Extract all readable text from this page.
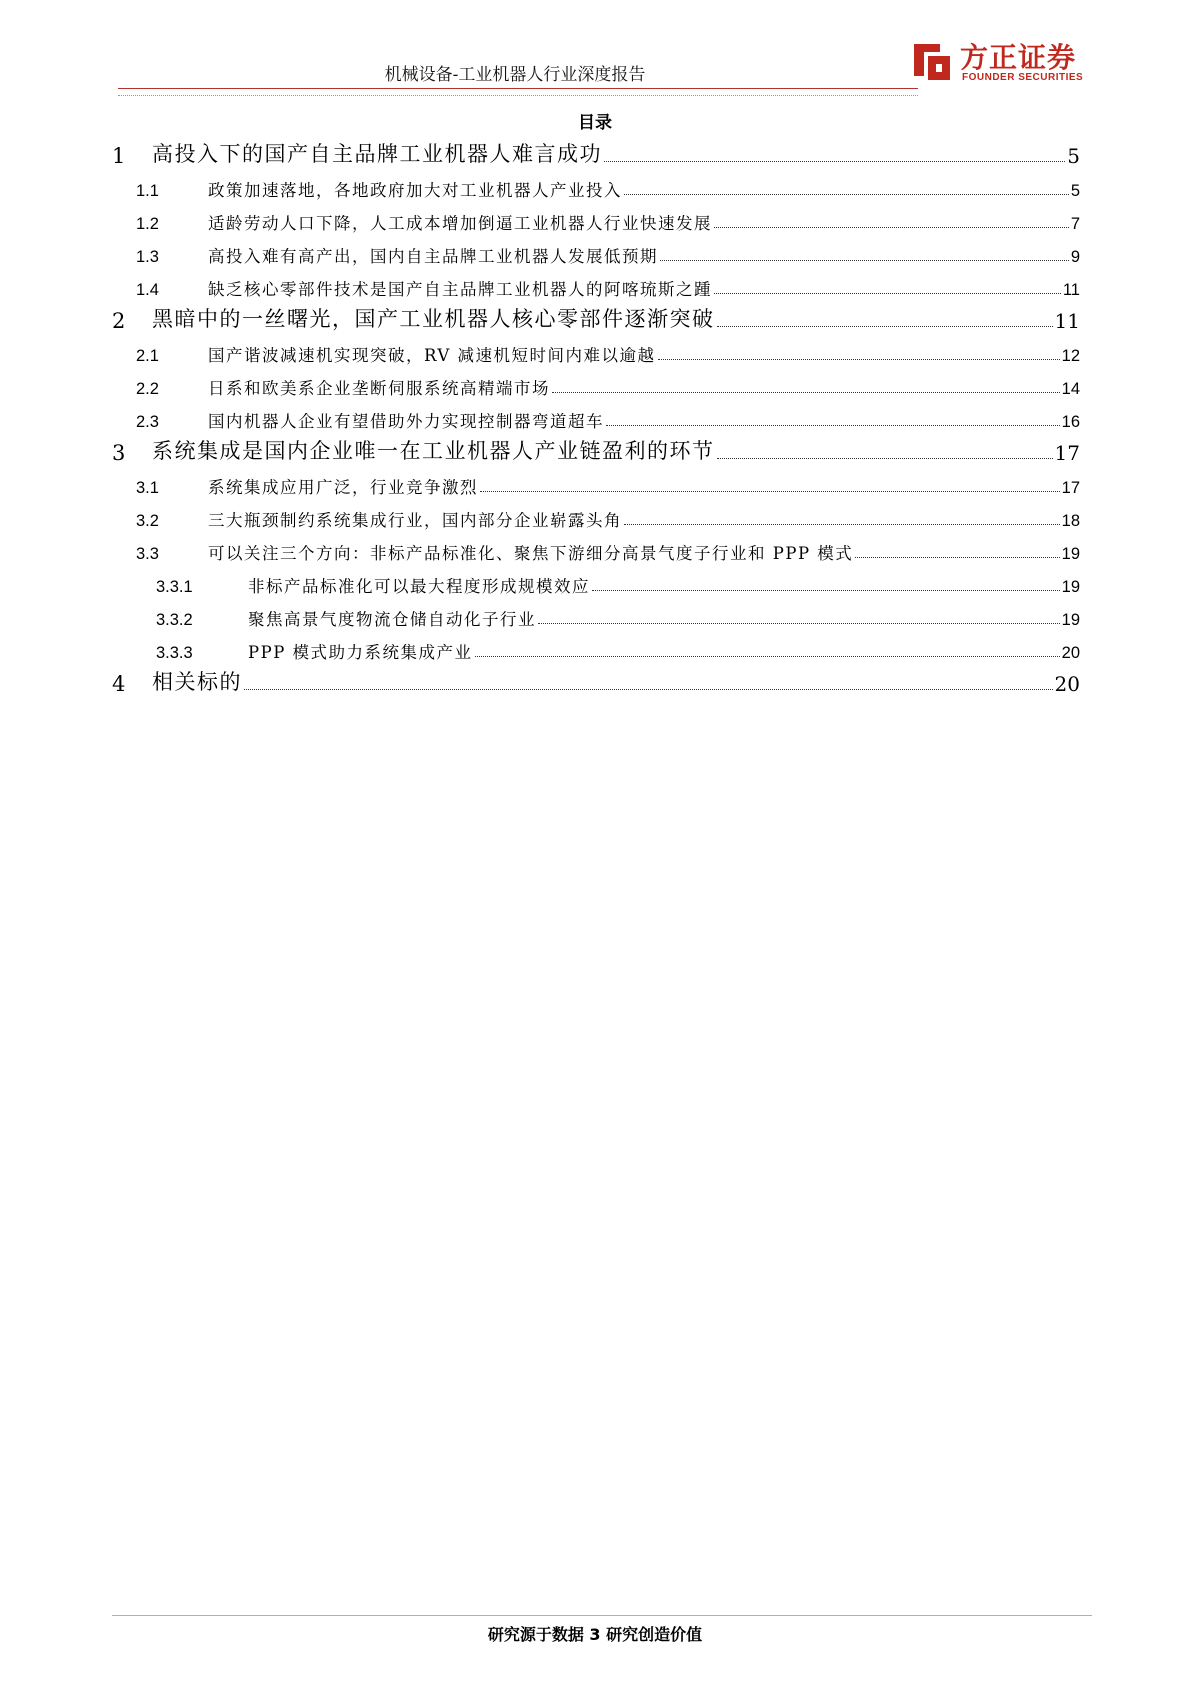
机械设备-工业机器人行业深度报告
方正证券
FOUNDER SECURITIES
目录
1	高投入下的国产自主品牌工业机器人难言成功	5
1.1	政策加速落地，各地政府加大对工业机器人产业投入	5
1.2	适龄劳动人口下降，人工成本增加倒逼工业机器人行业快速发展	7
1.3	高投入难有高产出，国内自主品牌工业机器人发展低预期	9
1.4	缺乏核心零部件技术是国产自主品牌工业机器人的阿喀琉斯之踵	11
2	黑暗中的一丝曙光，国产工业机器人核心零部件逐渐突破	11
2.1	国产谐波减速机实现突破，RV 减速机短时间内难以逾越	12
2.2	日系和欧美系企业垄断伺服系统高精端市场	14
2.3	国内机器人企业有望借助外力实现控制器弯道超车	16
3	系统集成是国内企业唯一在工业机器人产业链盈利的环节	17
3.1	系统集成应用广泛，行业竞争激烈	17
3.2	三大瓶颈制约系统集成行业，国内部分企业崭露头角	18
3.3	可以关注三个方向：非标产品标准化、聚焦下游细分高景气度子行业和 PPP 模式	19
3.3.1	非标产品标准化可以最大程度形成规模效应	19
3.3.2	聚焦高景气度物流仓储自动化子行业	19
3.3.3	PPP 模式助力系统集成产业	20
4	相关标的	20
研究源于数据 3 研究创造价值
